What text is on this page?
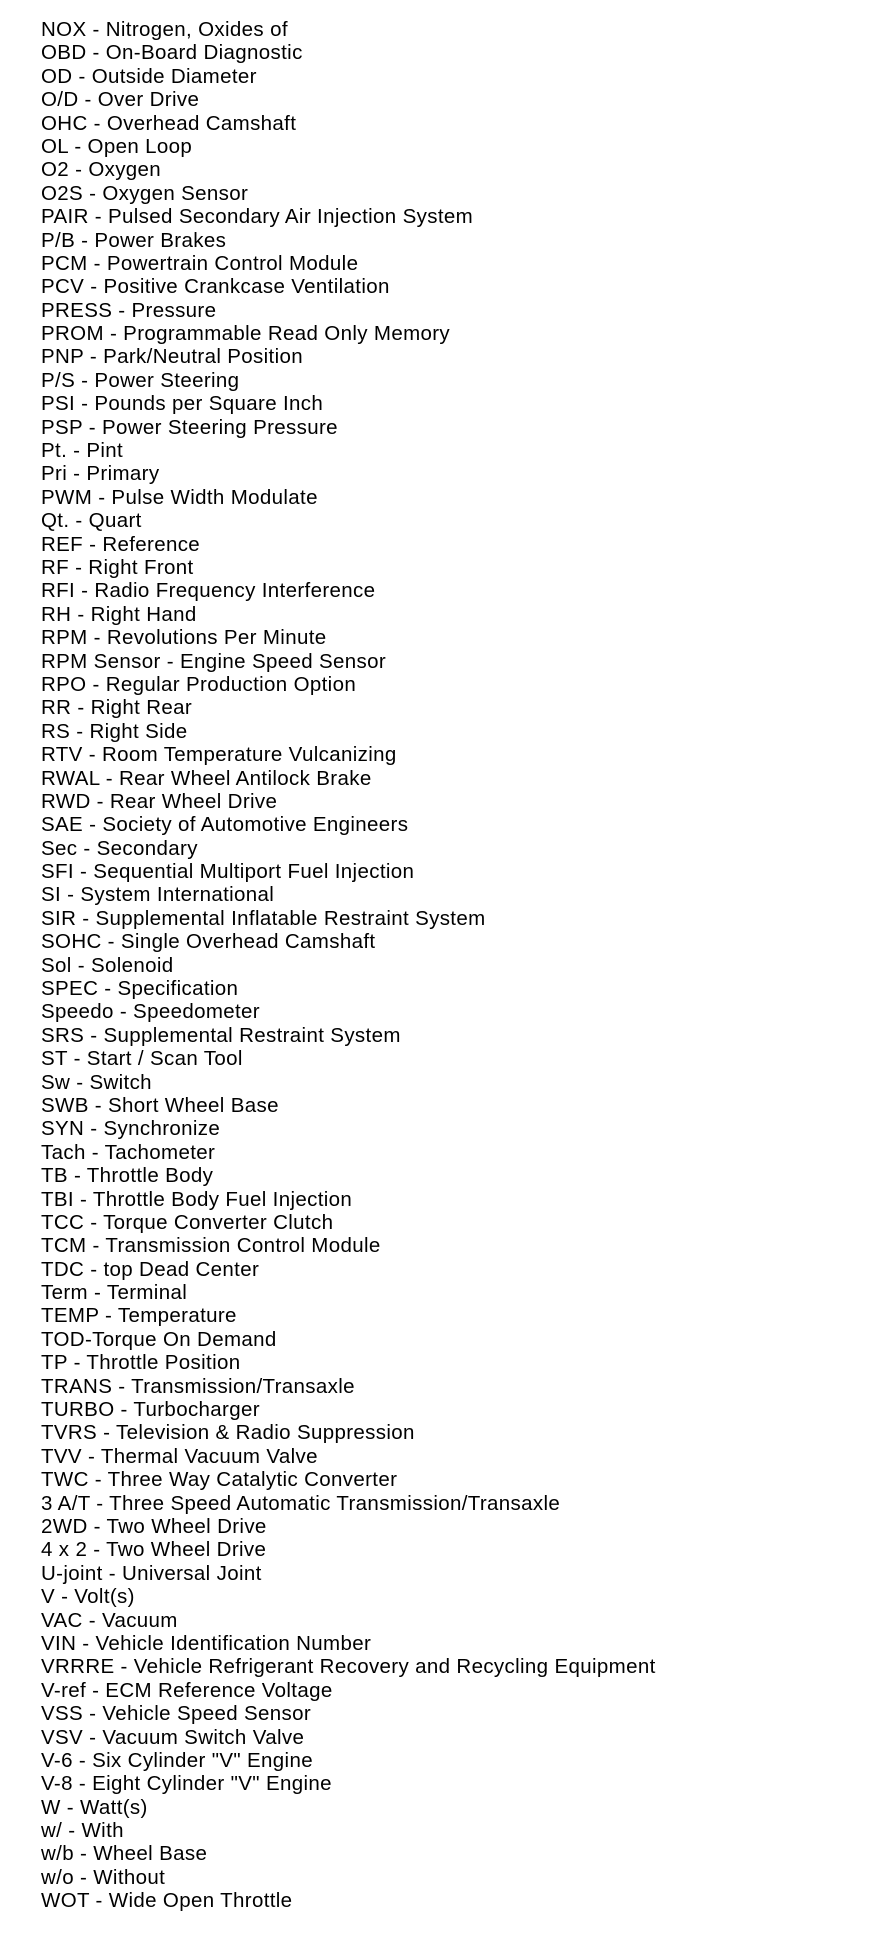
NOX - Nitrogen, Oxides of
OBD - On-Board Diagnostic
OD - Outside Diameter
O/D - Over Drive
OHC - Overhead Camshaft
OL - Open Loop
O2 - Oxygen
O2S - Oxygen Sensor
PAIR - Pulsed Secondary Air Injection System
P/B - Power Brakes
PCM - Powertrain Control Module
PCV - Positive Crankcase Ventilation
PRESS - Pressure
PROM - Programmable Read Only Memory
PNP - Park/Neutral Position
P/S - Power Steering
PSI - Pounds per Square Inch
PSP - Power Steering Pressure
Pt. - Pint
Pri - Primary
PWM - Pulse Width Modulate
Qt. - Quart
REF - Reference
RF - Right Front
RFI - Radio Frequency Interference
RH - Right Hand
RPM - Revolutions Per Minute
RPM Sensor - Engine Speed Sensor
RPO - Regular Production Option
RR - Right Rear
RS - Right Side
RTV - Room Temperature Vulcanizing
RWAL - Rear Wheel Antilock Brake
RWD - Rear Wheel Drive
SAE - Society of Automotive Engineers
Sec - Secondary
SFI - Sequential Multiport Fuel Injection
SI - System International
SIR - Supplemental Inflatable Restraint System
SOHC - Single Overhead Camshaft
Sol - Solenoid
SPEC - Specification
Speedo - Speedometer
SRS - Supplemental Restraint System
ST - Start / Scan Tool
Sw - Switch
SWB - Short Wheel Base
SYN - Synchronize
Tach - Tachometer
TB - Throttle Body
TBI - Throttle Body Fuel Injection
TCC - Torque Converter Clutch
TCM - Transmission Control Module
TDC - top Dead Center
Term - Terminal
TEMP - Temperature
TOD-Torque On Demand
TP - Throttle Position
TRANS - Transmission/Transaxle
TURBO - Turbocharger
TVRS - Television & Radio Suppression
TVV - Thermal Vacuum Valve
TWC - Three Way Catalytic Converter
3 A/T - Three Speed Automatic Transmission/Transaxle
2WD - Two Wheel Drive
4 x 2 - Two Wheel Drive
U-joint - Universal Joint
V - Volt(s)
VAC - Vacuum
VIN - Vehicle Identification Number
VRRRE - Vehicle Refrigerant Recovery and Recycling Equipment
V-ref - ECM Reference Voltage
VSS - Vehicle Speed Sensor
VSV - Vacuum Switch Valve
V-6 - Six Cylinder "V" Engine
V-8 - Eight Cylinder "V" Engine
W - Watt(s)
w/ - With
w/b - Wheel Base
w/o - Without
WOT - Wide Open Throttle
